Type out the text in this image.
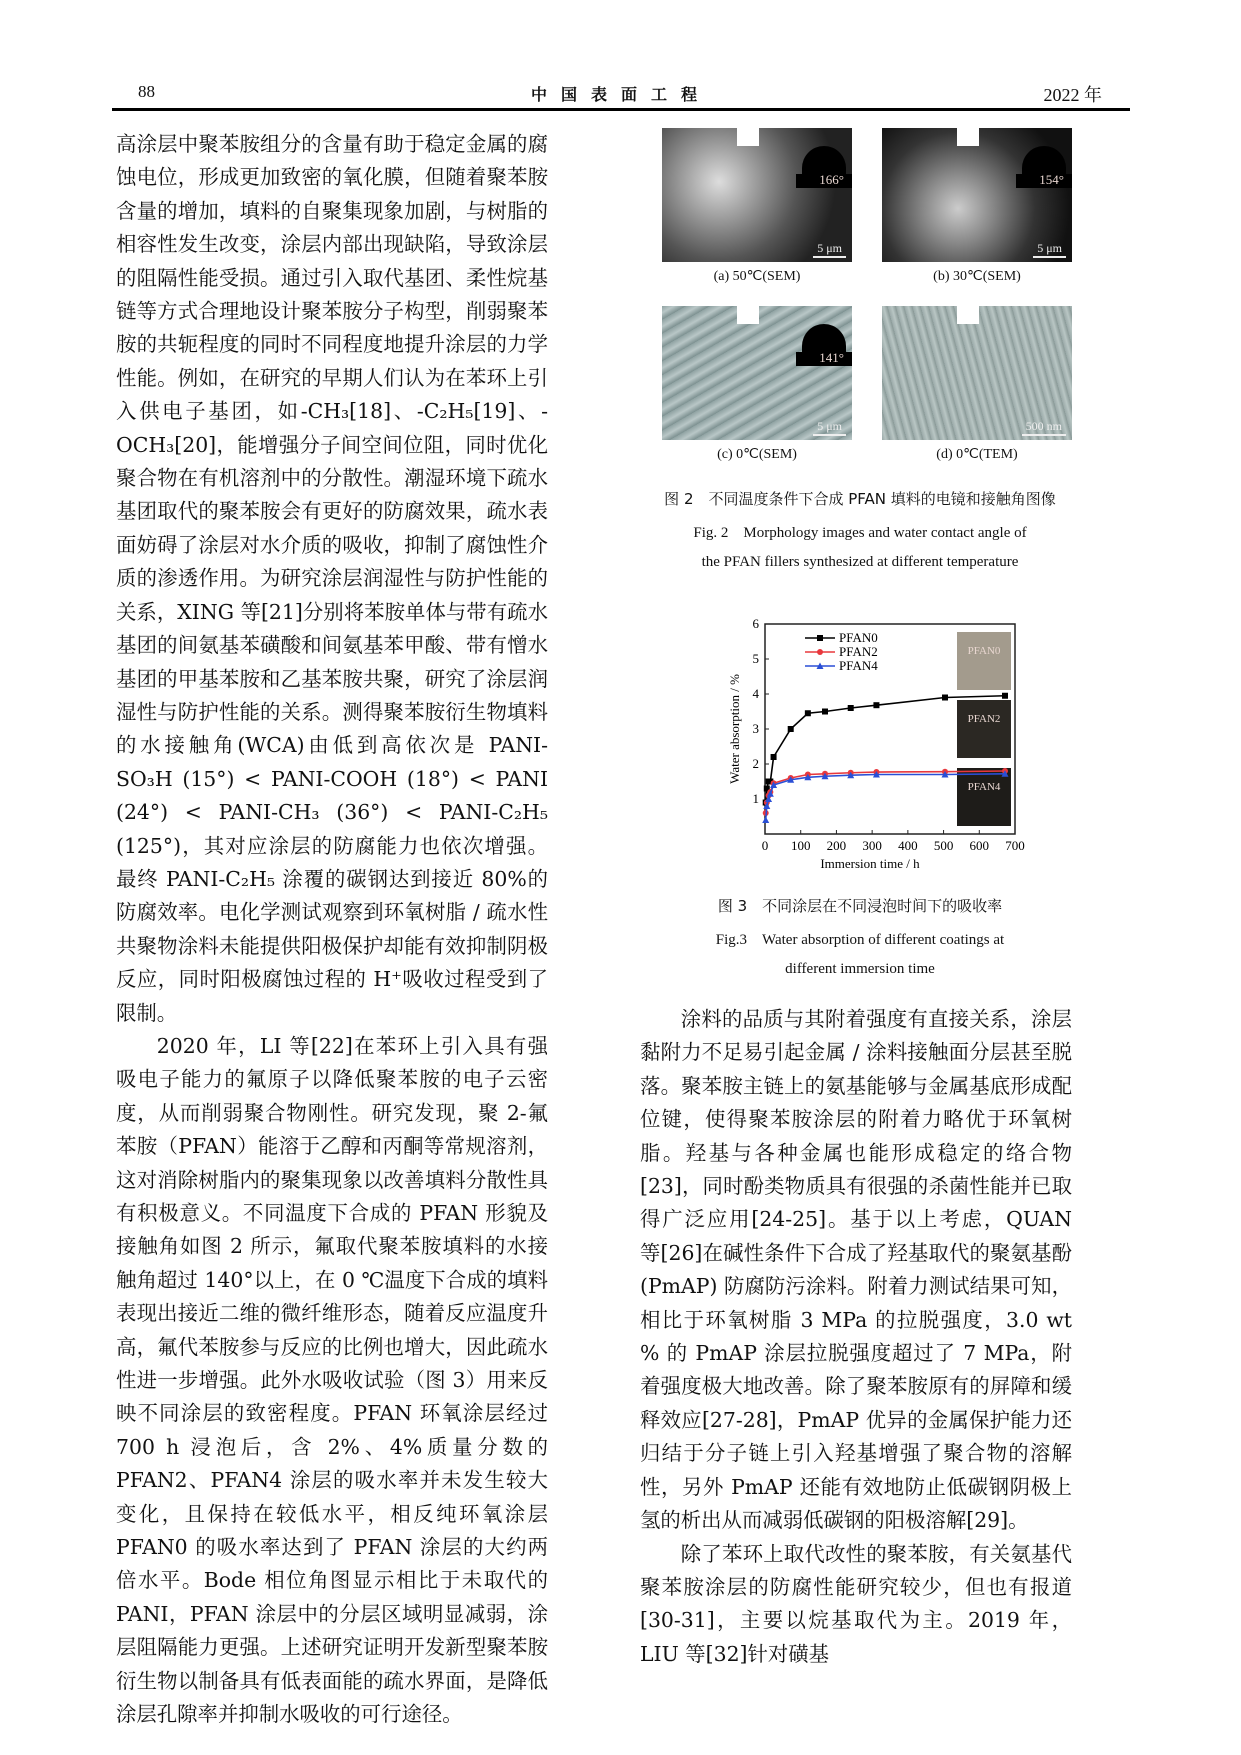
88	中国表面工程	2022 年

高涂层中聚苯胺组分的含量有助于稳定金属的腐蚀电位，形成更加致密的氧化膜，但随着聚苯胺含量的增加，填料的自聚集现象加剧，与树脂的相容性发生改变，涂层内部出现缺陷，导致涂层的阻隔性能受损。通过引入取代基团、柔性烷基链等方式合理地设计聚苯胺分子构型，削弱聚苯胺的共轭程度的同时不同程度地提升涂层的力学性能。例如，在研究的早期人们认为在苯环上引入供电子基团，如-CH₃[18]、-C₂H₅[19]、-OCH₃[20]，能增强分子间空间位阻，同时优化聚合物在有机溶剂中的分散性。潮湿环境下疏水基团取代的聚苯胺会有更好的防腐效果，疏水表面妨碍了涂层对水介质的吸收，抑制了腐蚀性介质的渗透作用。为研究涂层润湿性与防护性能的关系，XING 等[21]分别将苯胺单体与带有疏水基团的间氨基苯磺酸和间氨基苯甲酸、带有憎水基团的甲基苯胺和乙基苯胺共聚，研究了涂层润湿性与防护性能的关系。测得聚苯胺衍生物填料的水接触角(WCA)由低到高依次是 PANI-SO₃H (15°) < PANI-COOH (18°) < PANI (24°) < PANI-CH₃ (36°) < PANI-C₂H₅ (125°)，其对应涂层的防腐能力也依次增强。最终 PANI-C₂H₅ 涂覆的碳钢达到接近 80%的防腐效率。电化学测试观察到环氧树脂 / 疏水性共聚物涂料未能提供阳极保护却能有效抑制阴极反应，同时阳极腐蚀过程的 H⁺吸收过程受到了限制。

2020 年，LI 等[22]在苯环上引入具有强吸电子能力的氟原子以降低聚苯胺的电子云密度，从而削弱聚合物刚性。研究发现，聚 2-氟苯胺（PFAN）能溶于乙醇和丙酮等常规溶剂，这对消除树脂内的聚集现象以改善填料分散性具有积极意义。不同温度下合成的 PFAN 形貌及接触角如图 2 所示，氟取代聚苯胺填料的水接触角超过 140°以上，在 0 ℃温度下合成的填料表现出接近二维的微纤维形态，随着反应温度升高，氟代苯胺参与反应的比例也增大，因此疏水性进一步增强。此外水吸收试验（图 3）用来反映不同涂层的致密程度。PFAN 环氧涂层经过 700 h 浸泡后，含 2%、4%质量分数的 PFAN2、PFAN4 涂层的吸水率并未发生较大变化，且保持在较低水平，相反纯环氧涂层 PFAN0 的吸水率达到了 PFAN 涂层的大约两倍水平。Bode 相位角图显示相比于未取代的 PANI，PFAN 涂层中的分层区域明显减弱，涂层阻隔能力更强。上述研究证明开发新型聚苯胺衍生物以制备具有低表面能的疏水界面，是降低涂层孔隙率并抑制水吸收的可行途径。

166°
5 μm
(a) 50℃(SEM)
154°
5 μm
(b) 30℃(SEM)
141°
5 μm
(c) 0℃(SEM)
500 nm
(d) 0℃(TEM)
图 2　不同温度条件下合成 PFAN 填料的电镜和接触角图像
Fig. 2　Morphology images and water contact angle of
the PFAN fillers synthesized at different temperature
0 100 200 300 400 500 600 700
1
2
3
4
5
6
Immersion time / h
Water absorption / %
PFAN0
PFAN2
PFAN4
PFAN0
PFAN2
PFAN4
图 3　不同涂层在不同浸泡时间下的吸收率
Fig.3　Water absorption of different coatings at
different immersion time

涂料的品质与其附着强度有直接关系，涂层黏附力不足易引起金属 / 涂料接触面分层甚至脱落。聚苯胺主链上的氨基能够与金属基底形成配位键，使得聚苯胺涂层的附着力略优于环氧树脂。羟基与各种金属也能形成稳定的络合物[23]，同时酚类物质具有很强的杀菌性能并已取得广泛应用[24-25]。基于以上考虑，QUAN 等[26]在碱性条件下合成了羟基取代的聚氨基酚 (PmAP) 防腐防污涂料。附着力测试结果可知，相比于环氧树脂 3 MPa 的拉脱强度，3.0 wt % 的 PmAP 涂层拉脱强度超过了 7 MPa，附着强度极大地改善。除了聚苯胺原有的屏障和缓释效应[27-28]，PmAP 优异的金属保护能力还归结于分子链上引入羟基增强了聚合物的溶解性，另外 PmAP 还能有效地防止低碳钢阴极上氢的析出从而减弱低碳钢的阳极溶解[29]。

除了苯环上取代改性的聚苯胺，有关氨基代聚苯胺涂层的防腐性能研究较少，但也有报道[30-31]，主要以烷基取代为主。2019 年，LIU 等[32]针对磺基
